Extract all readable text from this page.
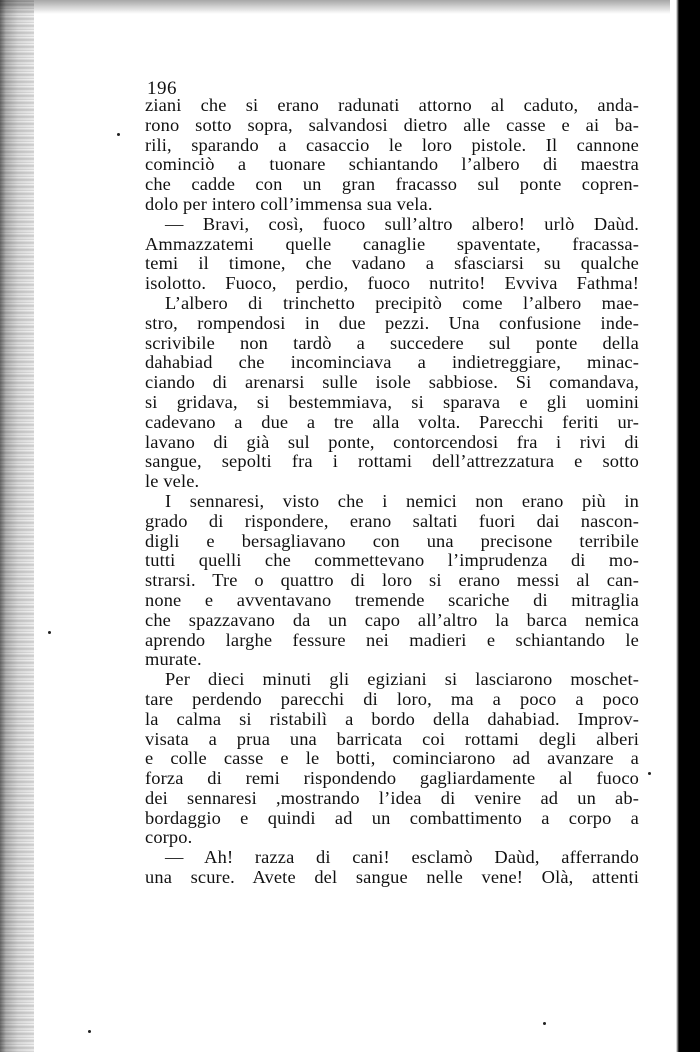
196
ziani che si erano radunati attorno al caduto, anda-
rono sotto sopra, salvandosi dietro alle casse e ai ba-
rili, sparando a casaccio le loro pistole. Il cannone
cominciò a tuonare schiantando l’albero di maestra
che cadde con un gran fracasso sul ponte copren-
dolo per intero coll’immensa sua vela.
— Bravi, così, fuoco sull’altro albero! urlò Daùd.
Ammazzatemi quelle canaglie spaventate, fracassa-
temi il timone, che vadano a sfasciarsi su qualche
isolotto. Fuoco, perdio, fuoco nutrito! Evviva Fathma!
L’albero di trinchetto precipitò come l’albero mae-
stro, rompendosi in due pezzi. Una confusione inde-
scrivibile non tardò a succedere sul ponte della
dahabiad che incominciava a indietreggiare, minac-
ciando di arenarsi sulle isole sabbiose. Si comandava,
si gridava, si bestemmiava, si sparava e gli uomini
cadevano a due a tre alla volta. Parecchi feriti ur-
lavano di già sul ponte, contorcendosi fra i rivi di
sangue, sepolti fra i rottami dell’attrezzatura e sotto
le vele.
I sennaresi, visto che i nemici non erano più in
grado di rispondere, erano saltati fuori dai nascon-
digli e bersagliavano con una precisone terribile
tutti quelli che commettevano l’imprudenza di mo-
strarsi. Tre o quattro di loro si erano messi al can-
none e avventavano tremende scariche di mitraglia
che spazzavano da un capo all’altro la barca nemica
aprendo larghe fessure nei madieri e schiantando le
murate.
Per dieci minuti gli egiziani si lasciarono moschet-
tare perdendo parecchi di loro, ma a poco a poco
la calma si ristabilì a bordo della dahabiad. Improv-
visata a prua una barricata coi rottami degli alberi
e colle casse e le botti, cominciarono ad avanzare a
forza di remi rispondendo gagliardamente al fuoco
dei sennaresi ,mostrando l’idea di venire ad un ab-
bordaggio e quindi ad un combattimento a corpo a
corpo.
— Ah! razza di cani! esclamò Daùd, afferrando
una scure. Avete del sangue nelle vene! Olà, attenti
